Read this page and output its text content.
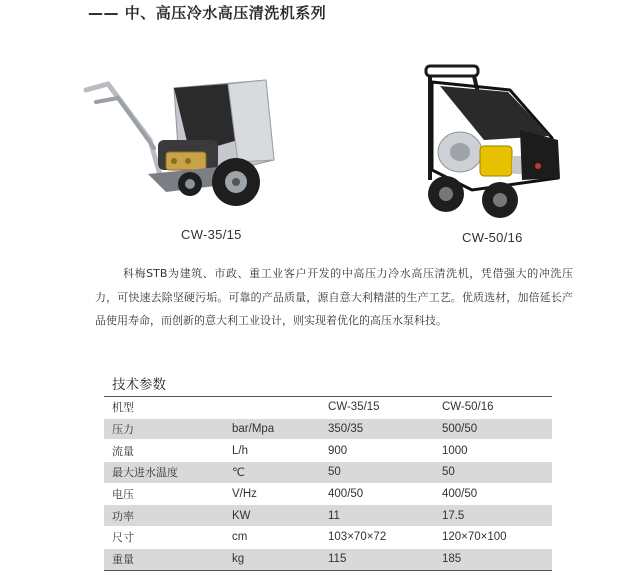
—— 中、高压冷水高压清洗机系列
CW-35/15	CW-50/16

科梅STB为建筑、市政、重工业客户开发的中高压力冷水高压清洗机，凭借强大的冲洗压力，可快速去除坚硬污垢。可靠的产品质量，源自意大利精湛的生产工艺。优质选材，加倍延长产品使用寿命，而创新的意大利工业设计，则实现着优化的高压水泵科技。

技术参数
机型		CW-35/15	CW-50/16
压力	bar/Mpa	350/35	500/50
流量	L/h	900	1000
最大进水温度	℃	50	50
电压	V/Hz	400/50	400/50
功率	KW	11	17.5
尺寸	cm	103×70×72	120×70×100
重量	kg	115	185
